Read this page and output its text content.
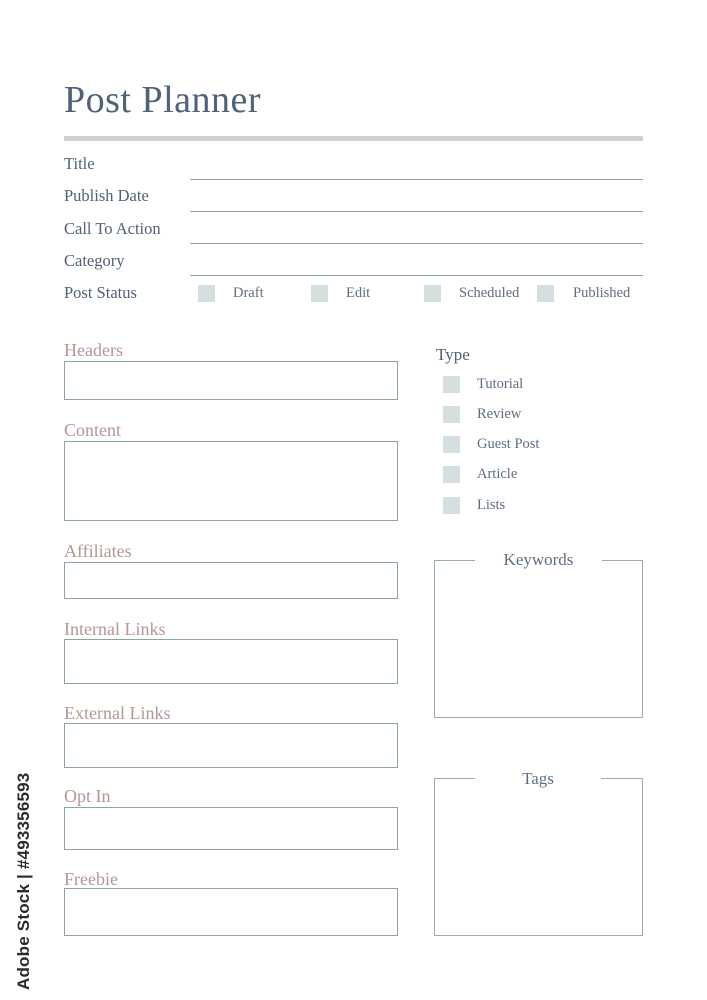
Post Planner
Title
Publish Date
Call To Action
Category
Post Status	Draft	Edit	Scheduled	Published
Headers
Content
Affiliates
Internal Links
External Links
Opt In
Freebie
Type
Tutorial
Review
Guest Post
Article
Lists
Keywords
Tags
Adobe Stock | #493356593
